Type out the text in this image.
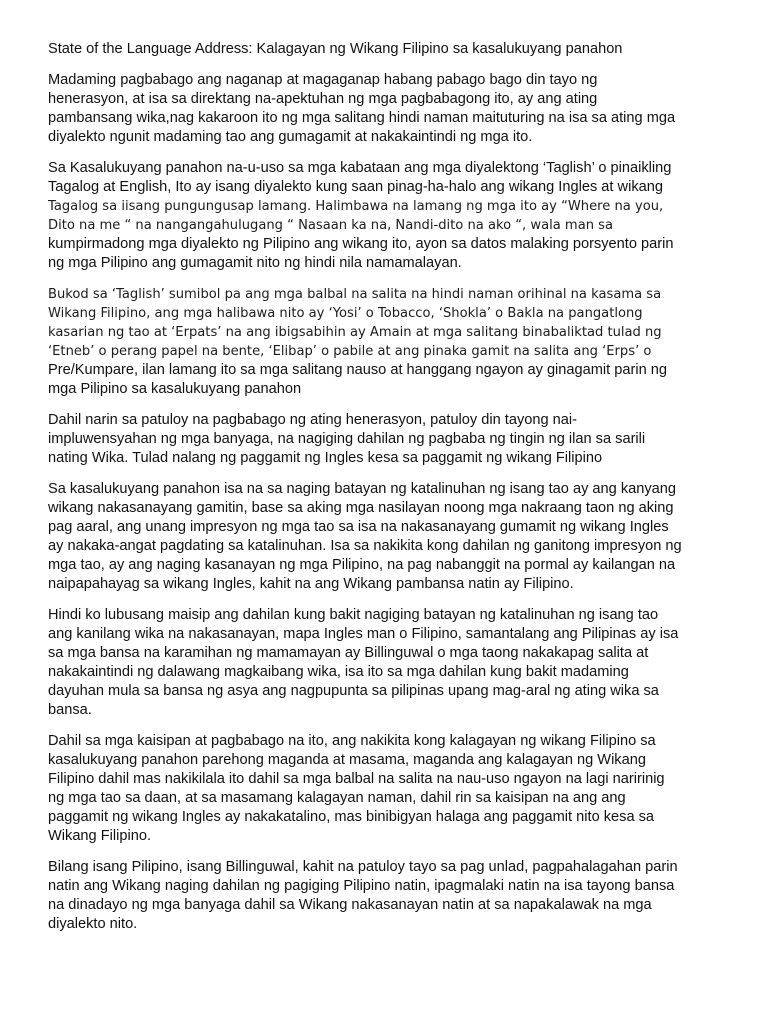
State of the Language Address: Kalagayan ng Wikang Filipino sa kasalukuyang panahon
Madaming pagbabago ang naganap at magaganap habang pabago bago din tayo ng
henerasyon, at isa sa direktang na-apektuhan ng mga pagbabagong ito, ay ang ating
pambansang wika,nag kakaroon ito ng mga salitang hindi naman maituturing na isa sa ating mga
diyalekto ngunit madaming tao ang gumagamit at nakakaintindi ng mga ito.
Sa Kasalukuyang panahon na-u-uso sa mga kabataan ang mga diyalektong ‘Taglish’ o pinaikling
Tagalog at English, Ito ay isang diyalekto kung saan pinag-ha-halo ang wikang Ingles at wikang
Tagalog sa iisang pungungusap lamang. Halimbawa na lamang ng mga ito ay “Where na you,
Dito na me “ na nangangahulugang “ Nasaan ka na, Nandi-dito na ako “, wala man sa
kumpirmadong mga diyalekto ng Pilipino ang wikang ito, ayon sa datos malaking porsyento parin
ng mga Pilipino ang gumagamit nito ng hindi nila namamalayan.
Bukod sa ‘Taglish’ sumibol pa ang mga balbal na salita na hindi naman orihinal na kasama sa
Wikang Filipino, ang mga halibawa nito ay ‘Yosi’ o Tobacco, ‘Shokla’ o Bakla na pangatlong
kasarian ng tao at ‘Erpats’ na ang ibigsabihin ay Amain at mga salitang binabaliktad tulad ng
‘Etneb’ o perang papel na bente, ‘Elibap’ o pabile at ang pinaka gamit na salita ang ‘Erps’ o
Pre/Kumpare, ilan lamang ito sa mga salitang nauso at hanggang ngayon ay ginagamit parin ng
mga Pilipino sa kasalukuyang panahon
Dahil narin sa patuloy na pagbabago ng ating henerasyon, patuloy din tayong nai-
impluwensyahan ng mga banyaga, na nagiging dahilan ng pagbaba ng tingin ng ilan sa sarili
nating Wika. Tulad nalang ng paggamit ng Ingles kesa sa paggamit ng wikang Filipino
Sa kasalukuyang panahon isa na sa naging batayan ng katalinuhan ng isang tao ay ang kanyang
wikang nakasanayang gamitin, base sa aking mga nasilayan noong mga nakraang taon ng aking
pag aaral, ang unang impresyon ng mga tao sa isa na nakasanayang gumamit ng wikang Ingles
ay nakaka-angat pagdating sa katalinuhan. Isa sa nakikita kong dahilan ng ganitong impresyon ng
mga tao, ay ang naging kasanayan ng mga Pilipino, na pag nabanggit na pormal ay kailangan na
naipapahayag sa wikang Ingles, kahit na ang Wikang pambansa natin ay Filipino.
Hindi ko lubusang maisip ang dahilan kung bakit nagiging batayan ng katalinuhan ng isang tao
ang kanilang wika na nakasanayan, mapa Ingles man o Filipino, samantalang ang Pilipinas ay isa
sa mga bansa na karamihan ng mamamayan ay Billinguwal o mga taong nakakapag salita at
nakakaintindi ng dalawang magkaibang wika, isa ito sa mga dahilan kung bakit madaming
dayuhan mula sa bansa ng asya ang nagpupunta sa pilipinas upang mag-aral ng ating wika sa
bansa.
Dahil sa mga kaisipan at pagbabago na ito, ang nakikita kong kalagayan ng wikang Filipino sa
kasalukuyang panahon parehong maganda at masama, maganda ang kalagayan ng Wikang
Filipino dahil mas nakikilala ito dahil sa mga balbal na salita na nau-uso ngayon na lagi naririnig
ng mga tao sa daan, at sa masamang kalagayan naman, dahil rin sa kaisipan na ang ang
paggamit ng wikang Ingles ay nakakatalino, mas binibigyan halaga ang paggamit nito kesa sa
Wikang Filipino.
Bilang isang Pilipino, isang Billinguwal, kahit na patuloy tayo sa pag unlad, pagpahalagahan parin
natin ang Wikang naging dahilan ng pagiging Pilipino natin, ipagmalaki natin na isa tayong bansa
na dinadayo ng mga banyaga dahil sa Wikang nakasanayan natin at sa napakalawak na mga
diyalekto nito.
